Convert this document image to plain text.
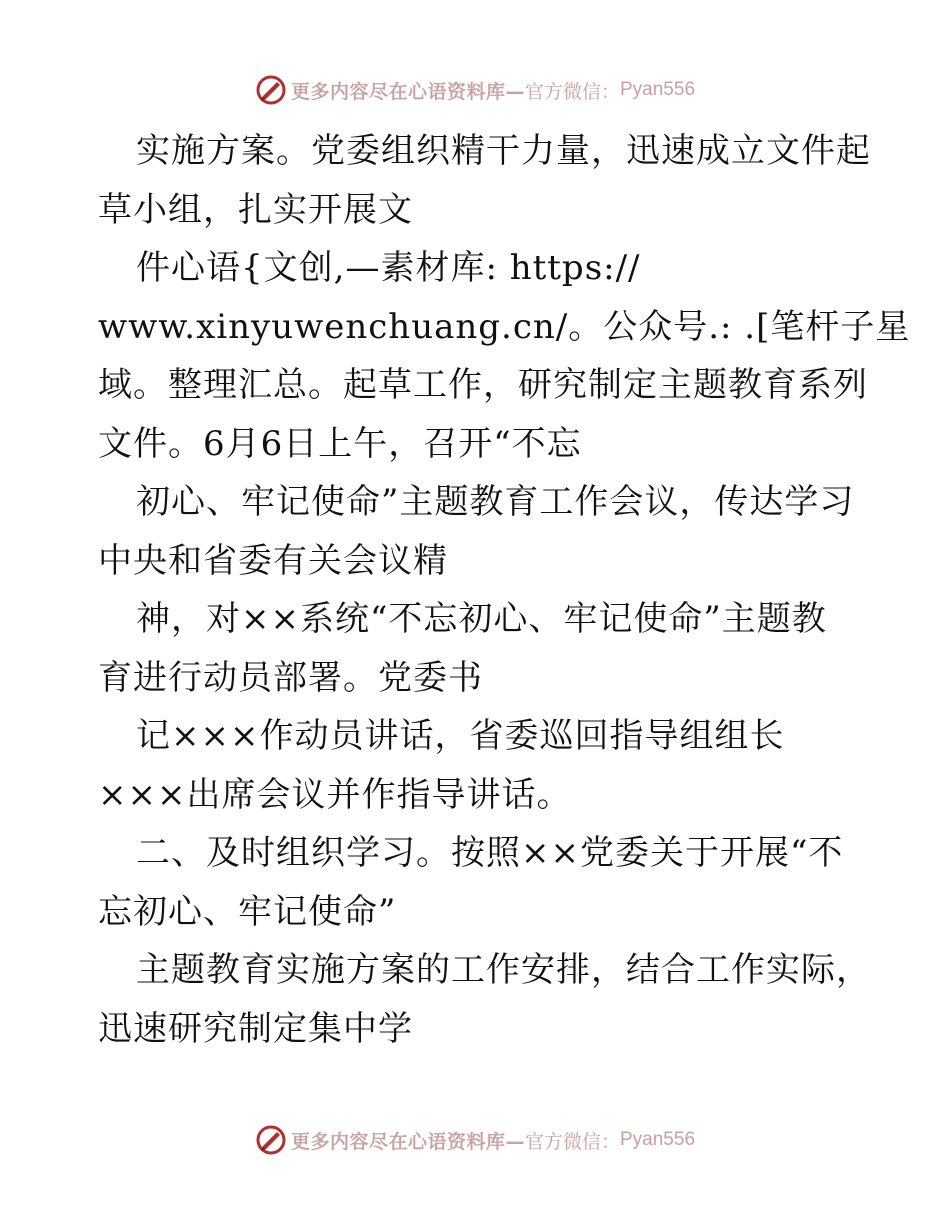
更多内容尽在心语资料库— 官方微信： Pyan556
实施方案。党委组织精干力量，迅速成立文件起
草小组，扎实开展文
件心语{文创,—素材库: https://
www.xinyuwenchuang.cn/。公众号.: .[笔杆子星
域。整理汇总。起草工作，研究制定主题教育系列
文件。6月6日上午，召开“不忘
初心、牢记使命”主题教育工作会议，传达学习
中央和省委有关会议精
神，对××系统“不忘初心、牢记使命”主题教
育进行动员部署。党委书
记×××作动员讲话，省委巡回指导组组长
×××出席会议并作指导讲话。
二、及时组织学习。按照××党委关于开展“不
忘初心、牢记使命”
主题教育实施方案的工作安排，结合工作实际，
迅速研究制定集中学
更多内容尽在心语资料库— 官方微信： Pyan556
